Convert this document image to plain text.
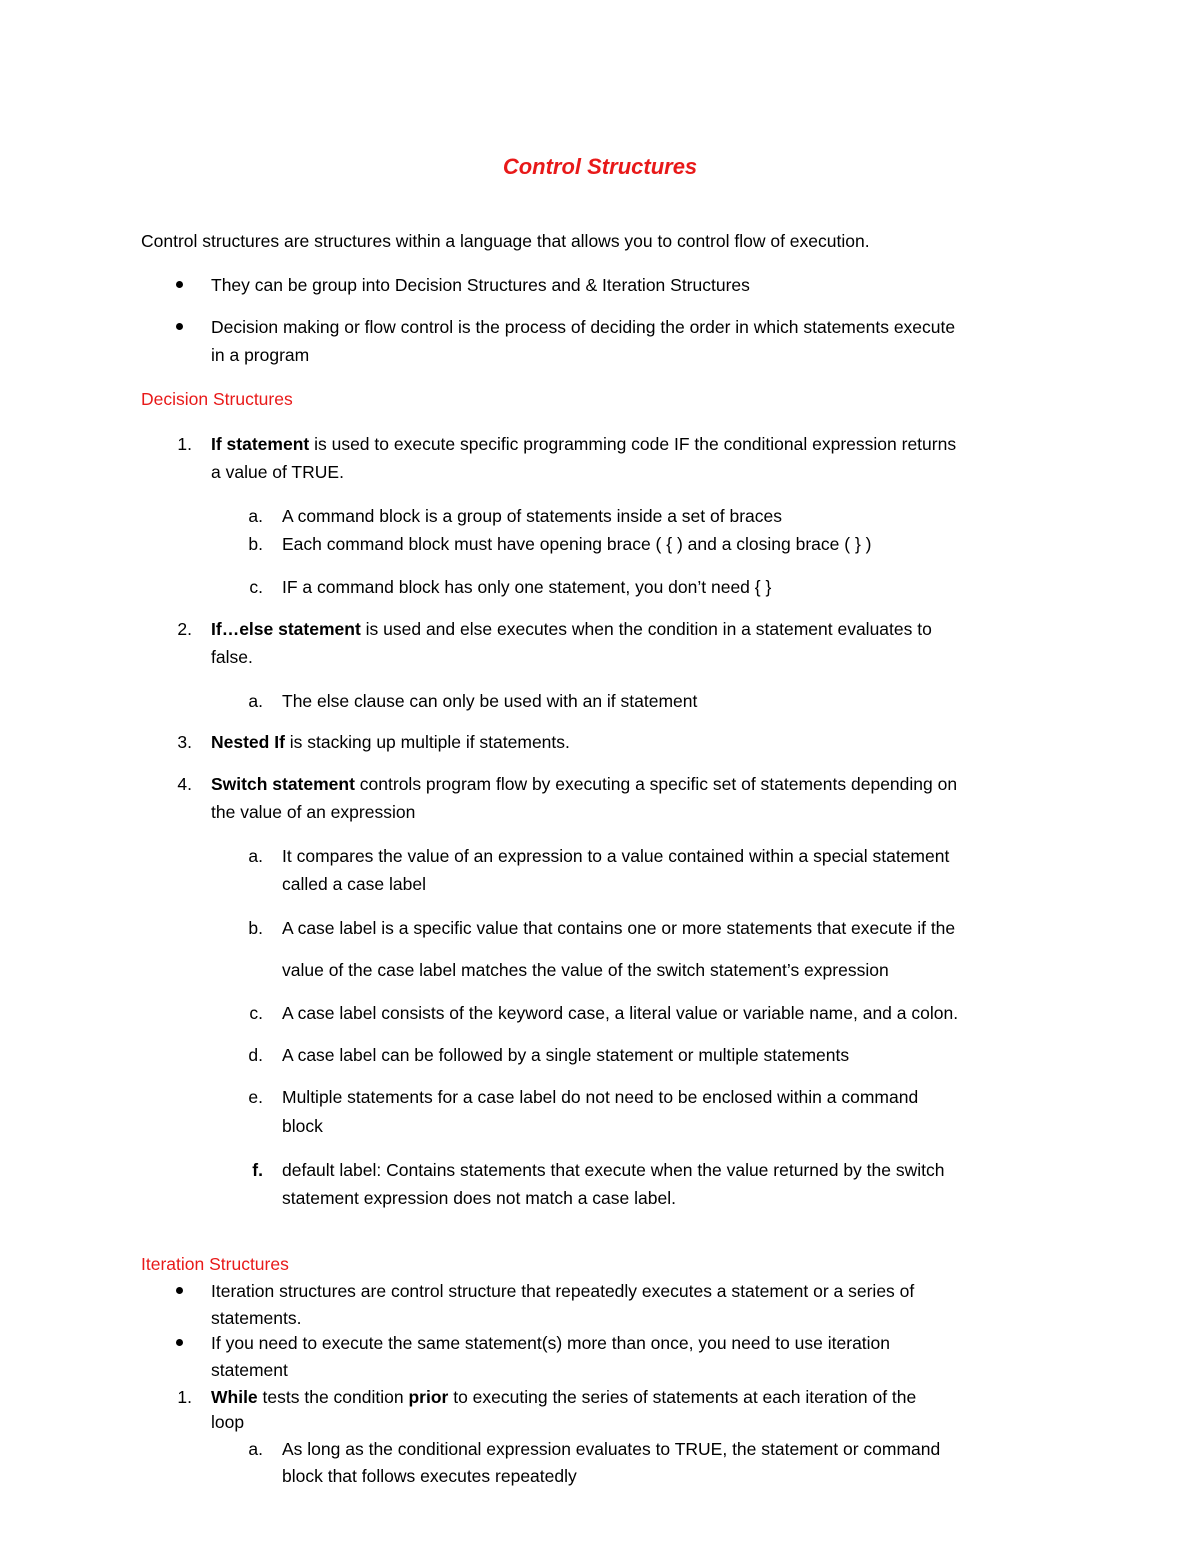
Control Structures
Control structures are structures within a language that allows you to control flow of execution.
They can be group into Decision Structures and & Iteration Structures
Decision making or flow control is the process of deciding the order in which statements execute
in a program
Decision Structures
1. If statement is used to execute specific programming code IF the conditional expression returns
a value of TRUE.
a. A command block is a group of statements inside a set of braces
b. Each command block must have opening brace ( { ) and a closing brace ( } )
c. IF a command block has only one statement, you don’t need { }
2. If…else statement is used and else executes when the condition in a statement evaluates to
false.
a. The else clause can only be used with an if statement
3. Nested If is stacking up multiple if statements.
4. Switch statement controls program flow by executing a specific set of statements depending on
the value of an expression
a. It compares the value of an expression to a value contained within a special statement
called a case label
b. A case label is a specific value that contains one or more statements that execute if the
value of the case label matches the value of the switch statement’s expression
c. A case label consists of the keyword case, a literal value or variable name, and a colon.
d. A case label can be followed by a single statement or multiple statements
e. Multiple statements for a case label do not need to be enclosed within a command
block
f. default label: Contains statements that execute when the value returned by the switch
statement expression does not match a case label.
Iteration Structures
Iteration structures are control structure that repeatedly executes a statement or a series of
statements.
If you need to execute the same statement(s) more than once, you need to use iteration
statement
1. While tests the condition prior to executing the series of statements at each iteration of the
loop
a. As long as the conditional expression evaluates to TRUE, the statement or command
block that follows executes repeatedly
